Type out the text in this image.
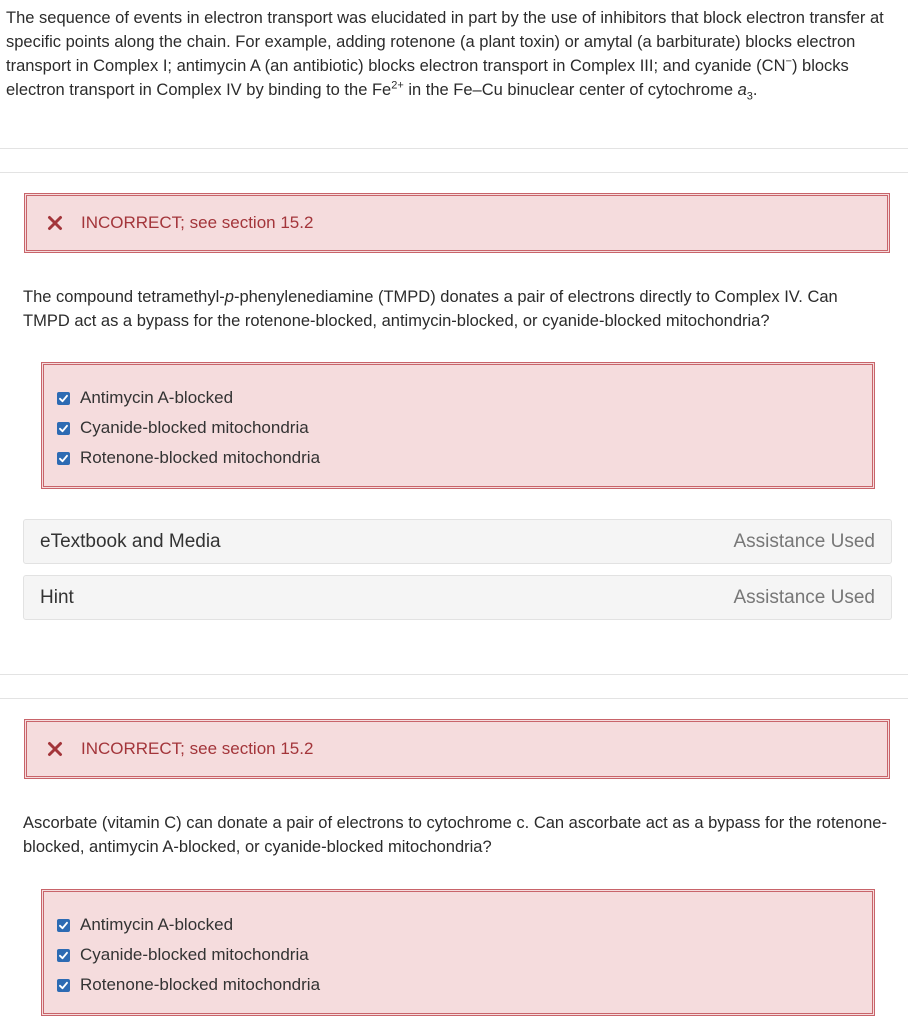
The sequence of events in electron transport was elucidated in part by the use of inhibitors that block electron transfer at specific points along the chain. For example, adding rotenone (a plant toxin) or amytal (a barbiturate) blocks electron transport in Complex I; antimycin A (an antibiotic) blocks electron transport in Complex III; and cyanide (CN−) blocks electron transport in Complex IV by binding to the $Fe^{2+}$ in the Fe–Cu binuclear center of cytochrome $a_3$.
INCORRECT; see section 15.2
The compound tetramethyl-p-phenylenediamine (TMPD) donates a pair of electrons directly to Complex IV. Can TMPD act as a bypass for the rotenone-blocked, antimycin-blocked, or cyanide-blocked mitochondria?
Antimycin A-blocked
Cyanide-blocked mitochondria
Rotenone-blocked mitochondria
eTextbook and Media	Assistance Used
Hint	Assistance Used
INCORRECT; see section 15.2
Ascorbate (vitamin C) can donate a pair of electrons to cytochrome c. Can ascorbate act as a bypass for the rotenone-blocked, antimycin A-blocked, or cyanide-blocked mitochondria?
Antimycin A-blocked
Cyanide-blocked mitochondria
Rotenone-blocked mitochondria
